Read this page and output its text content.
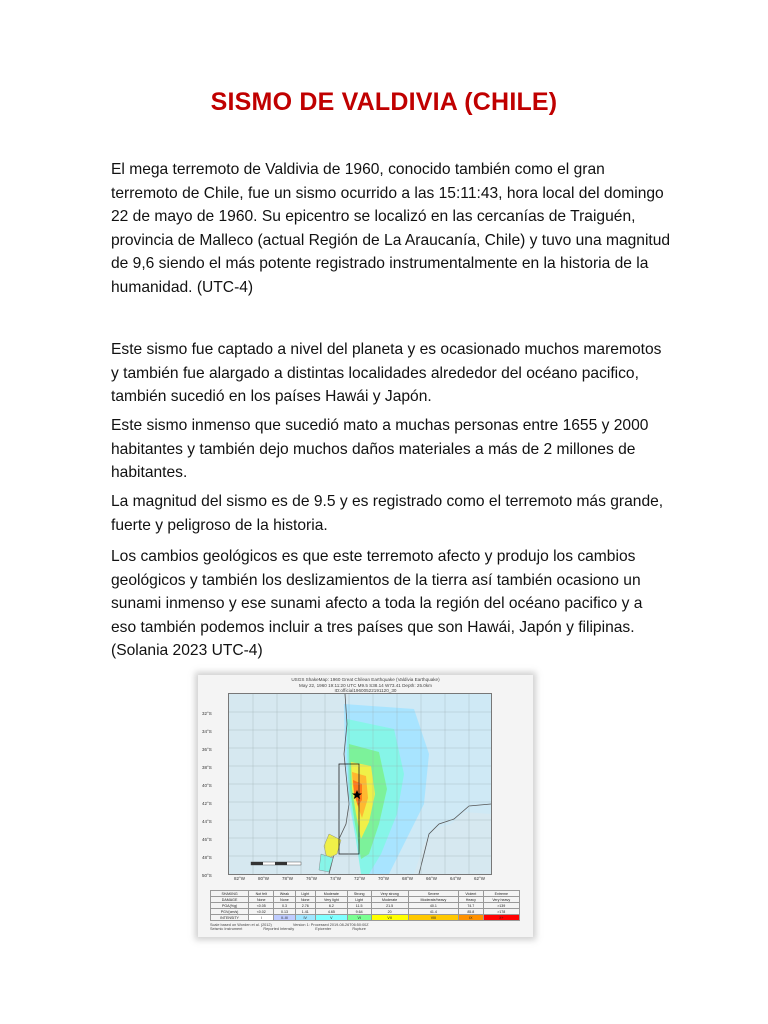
SISMO DE VALDIVIA (CHILE)

El mega terremoto de Valdivia de 1960, conocido también como el gran terremoto de Chile, fue un sismo ocurrido a las 15:11:43, hora local del domingo 22 de mayo de 1960. Su epicentro se localizó en las cercanías de Traiguén, provincia de Malleco (actual Región de La Araucanía, Chile) y tuvo una magnitud de 9,6 siendo el más potente registrado instrumentalmente en la historia de la humanidad. (UTC-4)

Este sismo fue captado a nivel del planeta y es ocasionado muchos maremotos y también fue alargado a distintas localidades alrededor del océano pacifico, también sucedió en los países Hawái y Japón.

Este sismo inmenso que sucedió mato a muchas personas entre 1655 y 2000 habitantes y también dejo muchos daños materiales a más de 2 millones de habitantes.

La magnitud del sismo es de 9.5 y es registrado como el terremoto más grande, fuerte y peligroso de la historia.

Los cambios geológicos es que este terremoto afecto y produjo los cambios geológicos y también los deslizamientos de la tierra así también ocasiono un sunami inmenso y ese sunami afecto a toda la región del océano pacifico y a eso también podemos incluir a tres países que son Hawái, Japón y filipinas. (Solania 2023 UTC-4)

USGS ShakeMap: 1960 Great Chilean Earthquake (Valdivia Earthquake)
May 22, 1960 19:11:20 UTC M9.5 S38.14 W73.41 Depth: 25.0km
ID:official19600522191120_30
32°S
34°S
36°S
38°S
40°S
42°S
44°S
46°S
48°S
50°S
82°W	80°W	78°W	76°W	74°W	72°W	70°W	68°W	66°W	64°W	62°W
SHAKING	Not felt	Weak	Light	Moderate	Strong	Very strong	Severe	Violent	Extreme
DAMAGE	None	None	None	Very light	Light	Moderate	Moderate/heavy	Heavy	Very heavy
PGA(%g)	<0.05	0.3	2.76	6.2	11.5	21.5	40.1	74.7	>139
PGV(cm/s)	<0.02	0.13	1.41	4.65	9.64	20	41.4	85.8	>178
INTENSITY	I	II-III	IV	V	VI	VII	VIII	IX	X+
Scale based on Worden et al. (2012)	Version 1: Processed 2019-08-26T06:50:00Z
Seismic Instrument	Reported Intensity	Epicenter	Rupture
